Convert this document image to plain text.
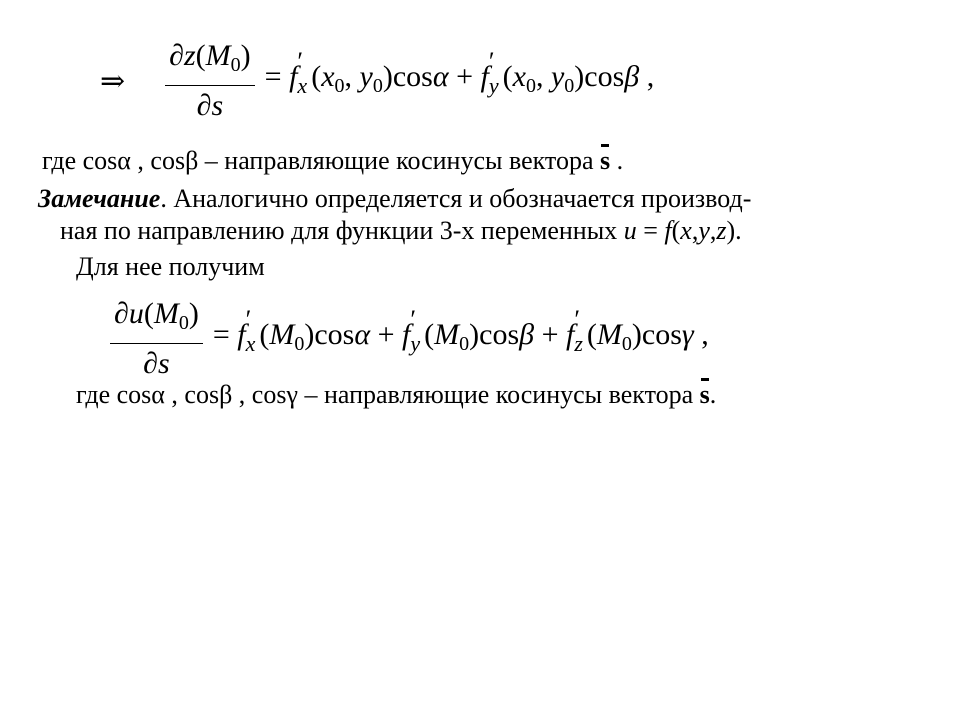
⇒ $\frac{\partial z(M_0)}{\partial s} = f$ ′
x ($x_0$, $y_0)\cos\alpha + f$ ′
y ($x_0$, $y_0)\cos\beta$ ,
где cosα , cosβ – направляющие косинусы вектора s .
Замечание. Аналогично определяется и обозначается производ-
ная по направлению для функции 3-х переменных u = f(x,y,z).
Для нее получим
$\frac{\partial u(M_0)}{\partial s} = f$ ′
x $(M_0)\cos\alpha + f$ ′
y $(M_0)\cos\beta + f$ ′
z $(M_0)\cos\gamma$ ,
где cosα , cosβ , cosγ – направляющие косинусы вектора s.
